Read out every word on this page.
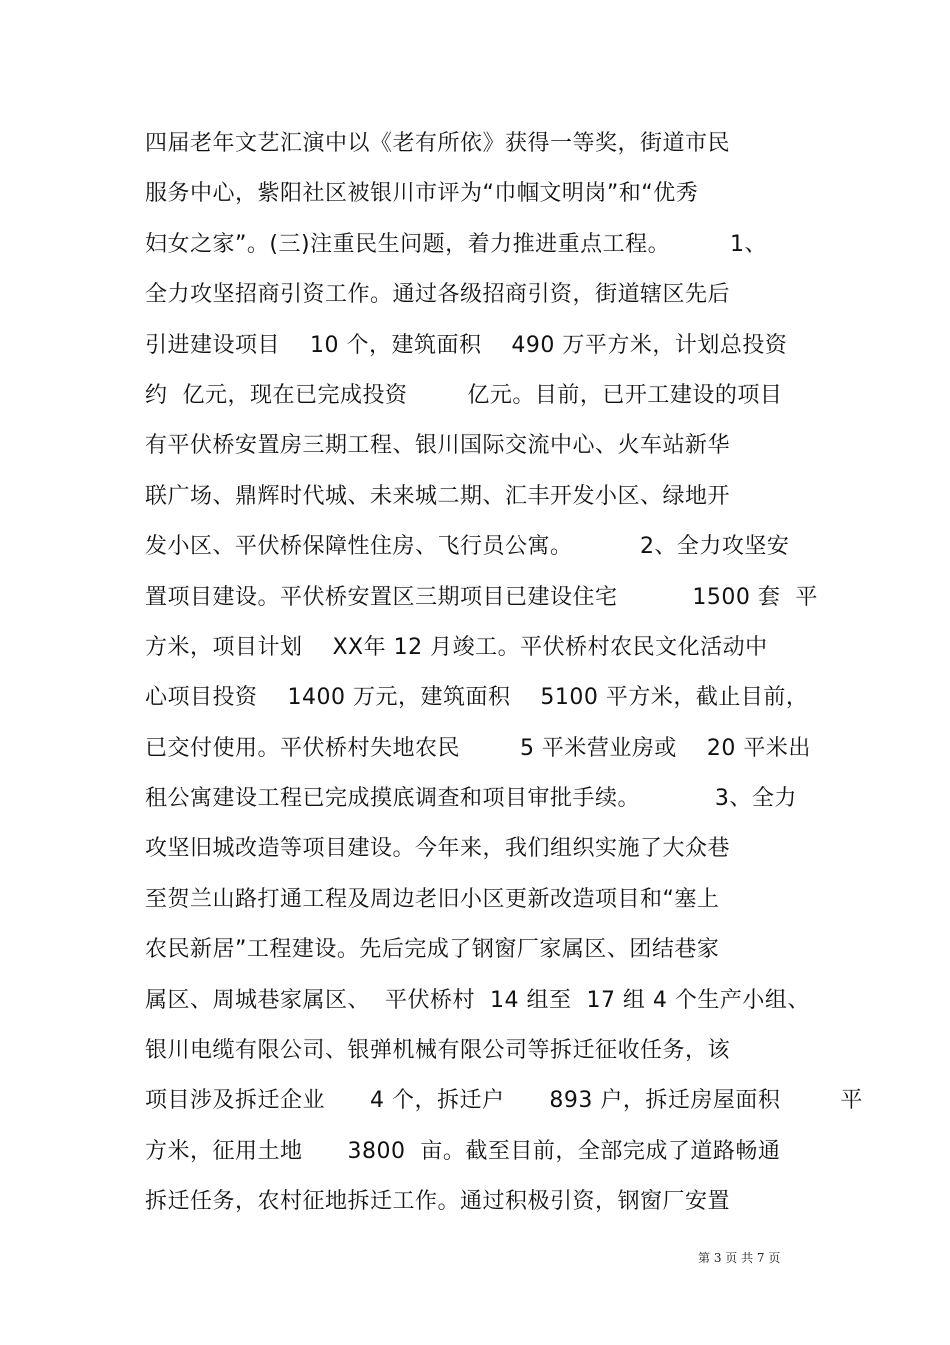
四届老年文艺汇演中以《老有所依》获得一等奖，街道市民
服务中心，紫阳社区被银川市评为“巾帼文明岗”和“优秀
妇女之家”。(三)注重民生问题，着力推进重点工程。        1、
全力攻坚招商引资工作。通过各级招商引资，街道辖区先后
引进建设项目    10 个，建筑面积    490 万平方米，计划总投资
约  亿元，现在已完成投资        亿元。目前，已开工建设的项目
有平伏桥安置房三期工程、银川国际交流中心、火车站新华
联广场、鼎辉时代城、未来城二期、汇丰开发小区、绿地开
发小区、平伏桥保障性住房、飞行员公寓。         2、全力攻坚安
置项目建设。平伏桥安置区三期项目已建设住宅          1500 套  平
方米，项目计划    XX年 12 月竣工。平伏桥村农民文化活动中
心项目投资    1400 万元，建筑面积    5100 平方米，截止目前，
已交付使用。平伏桥村失地农民        5 平米营业房或    20 平米出
租公寓建设工程已完成摸底调查和项目审批手续。          3、全力
攻坚旧城改造等项目建设。今年来，我们组织实施了大众巷
至贺兰山路打通工程及周边老旧小区更新改造项目和“塞上
农民新居”工程建设。先后完成了钢窗厂家属区、团结巷家
属区、周城巷家属区、  平伏桥村  14 组至  17 组 4 个生产小组、
银川电缆有限公司、银弹机械有限公司等拆迁征收任务，该
项目涉及拆迁企业      4 个，拆迁户      893 户，拆迁房屋面积        平
方米，征用土地      3800  亩。截至目前，全部完成了道路畅通
拆迁任务，农村征地拆迁工作。通过积极引资，钢窗厂安置
第 3 页 共 7 页
